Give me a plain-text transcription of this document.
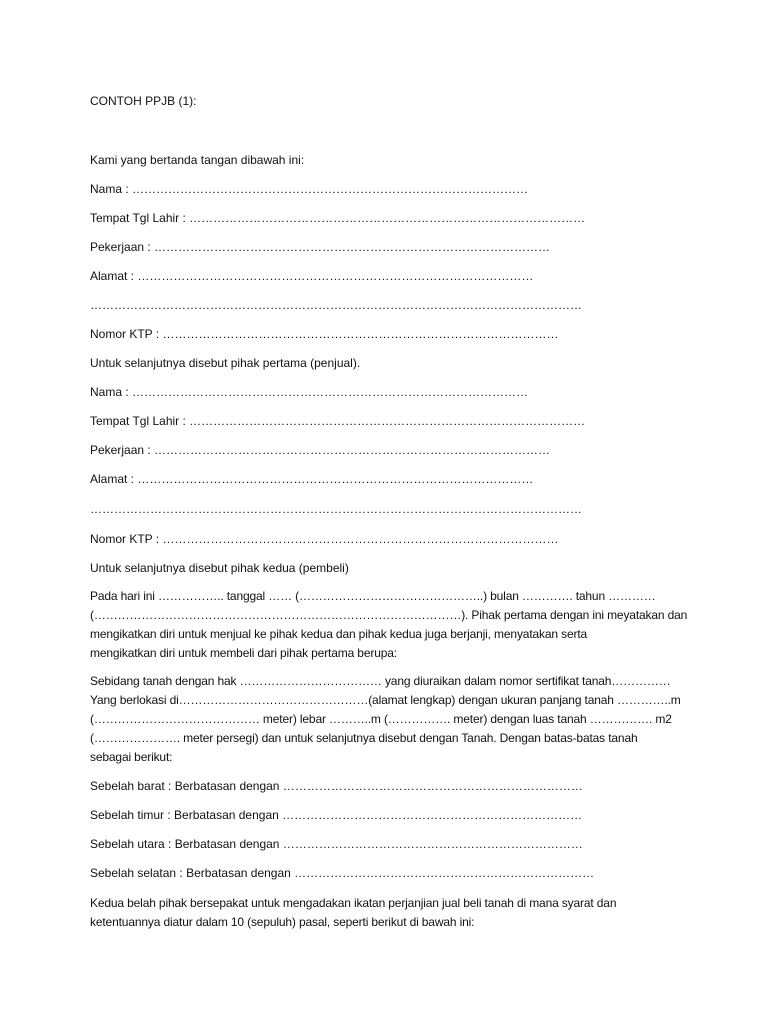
CONTOH PPJB (1):
Kami yang bertanda tangan dibawah ini:
Nama : ………………………………………………………………………………………
Tempat Tgl Lahir : ………………………………………………………………………………………
Pekerjaan : ………………………………………………………………………………………
Alamat : ………………………………………………………………………………………
……………………………………………………………………………………………………………
Nomor KTP : ………………………………………………………………………………………
Untuk selanjutnya disebut pihak pertama (penjual).
Nama : ………………………………………………………………………………………
Tempat Tgl Lahir : ………………………………………………………………………………………
Pekerjaan : ………………………………………………………………………………………
Alamat : ………………………………………………………………………………………
……………………………………………………………………………………………………………
Nomor KTP : ………………………………………………………………………………………
Untuk selanjutnya disebut pihak kedua (pembeli)
Pada hari ini …………….. tanggal …… (………………………………………..) bulan …………. tahun …………
(…………………………………………………………………………………). Pihak pertama dengan ini meyatakan dan
mengikatkan diri untuk menjual ke pihak kedua dan pihak kedua juga berjanji, menyatakan serta
mengikatkan diri untuk membeli dari pihak pertama berupa:
Sebidang tanah dengan hak ……………………………… yang diuraikan dalam nomor sertifikat tanah……………
Yang berlokasi di…………………………………………(alamat lengkap) dengan ukuran panjang tanah …………..m
(…………………………………… meter) lebar ………..m (……………. meter) dengan luas tanah ……………. m2
(…………………. meter persegi) dan untuk selanjutnya disebut dengan Tanah. Dengan batas-batas tanah
sebagai berikut:
Sebelah barat : Berbatasan dengan …………………………………………………………………
Sebelah timur : Berbatasan dengan …………………………………………………………………
Sebelah utara : Berbatasan dengan …………………………………………………………………
Sebelah selatan : Berbatasan dengan …………………………………………………………………
Kedua belah pihak bersepakat untuk mengadakan ikatan perjanjian jual beli tanah di mana syarat dan
ketentuannya diatur dalam 10 (sepuluh) pasal, seperti berikut di bawah ini:
